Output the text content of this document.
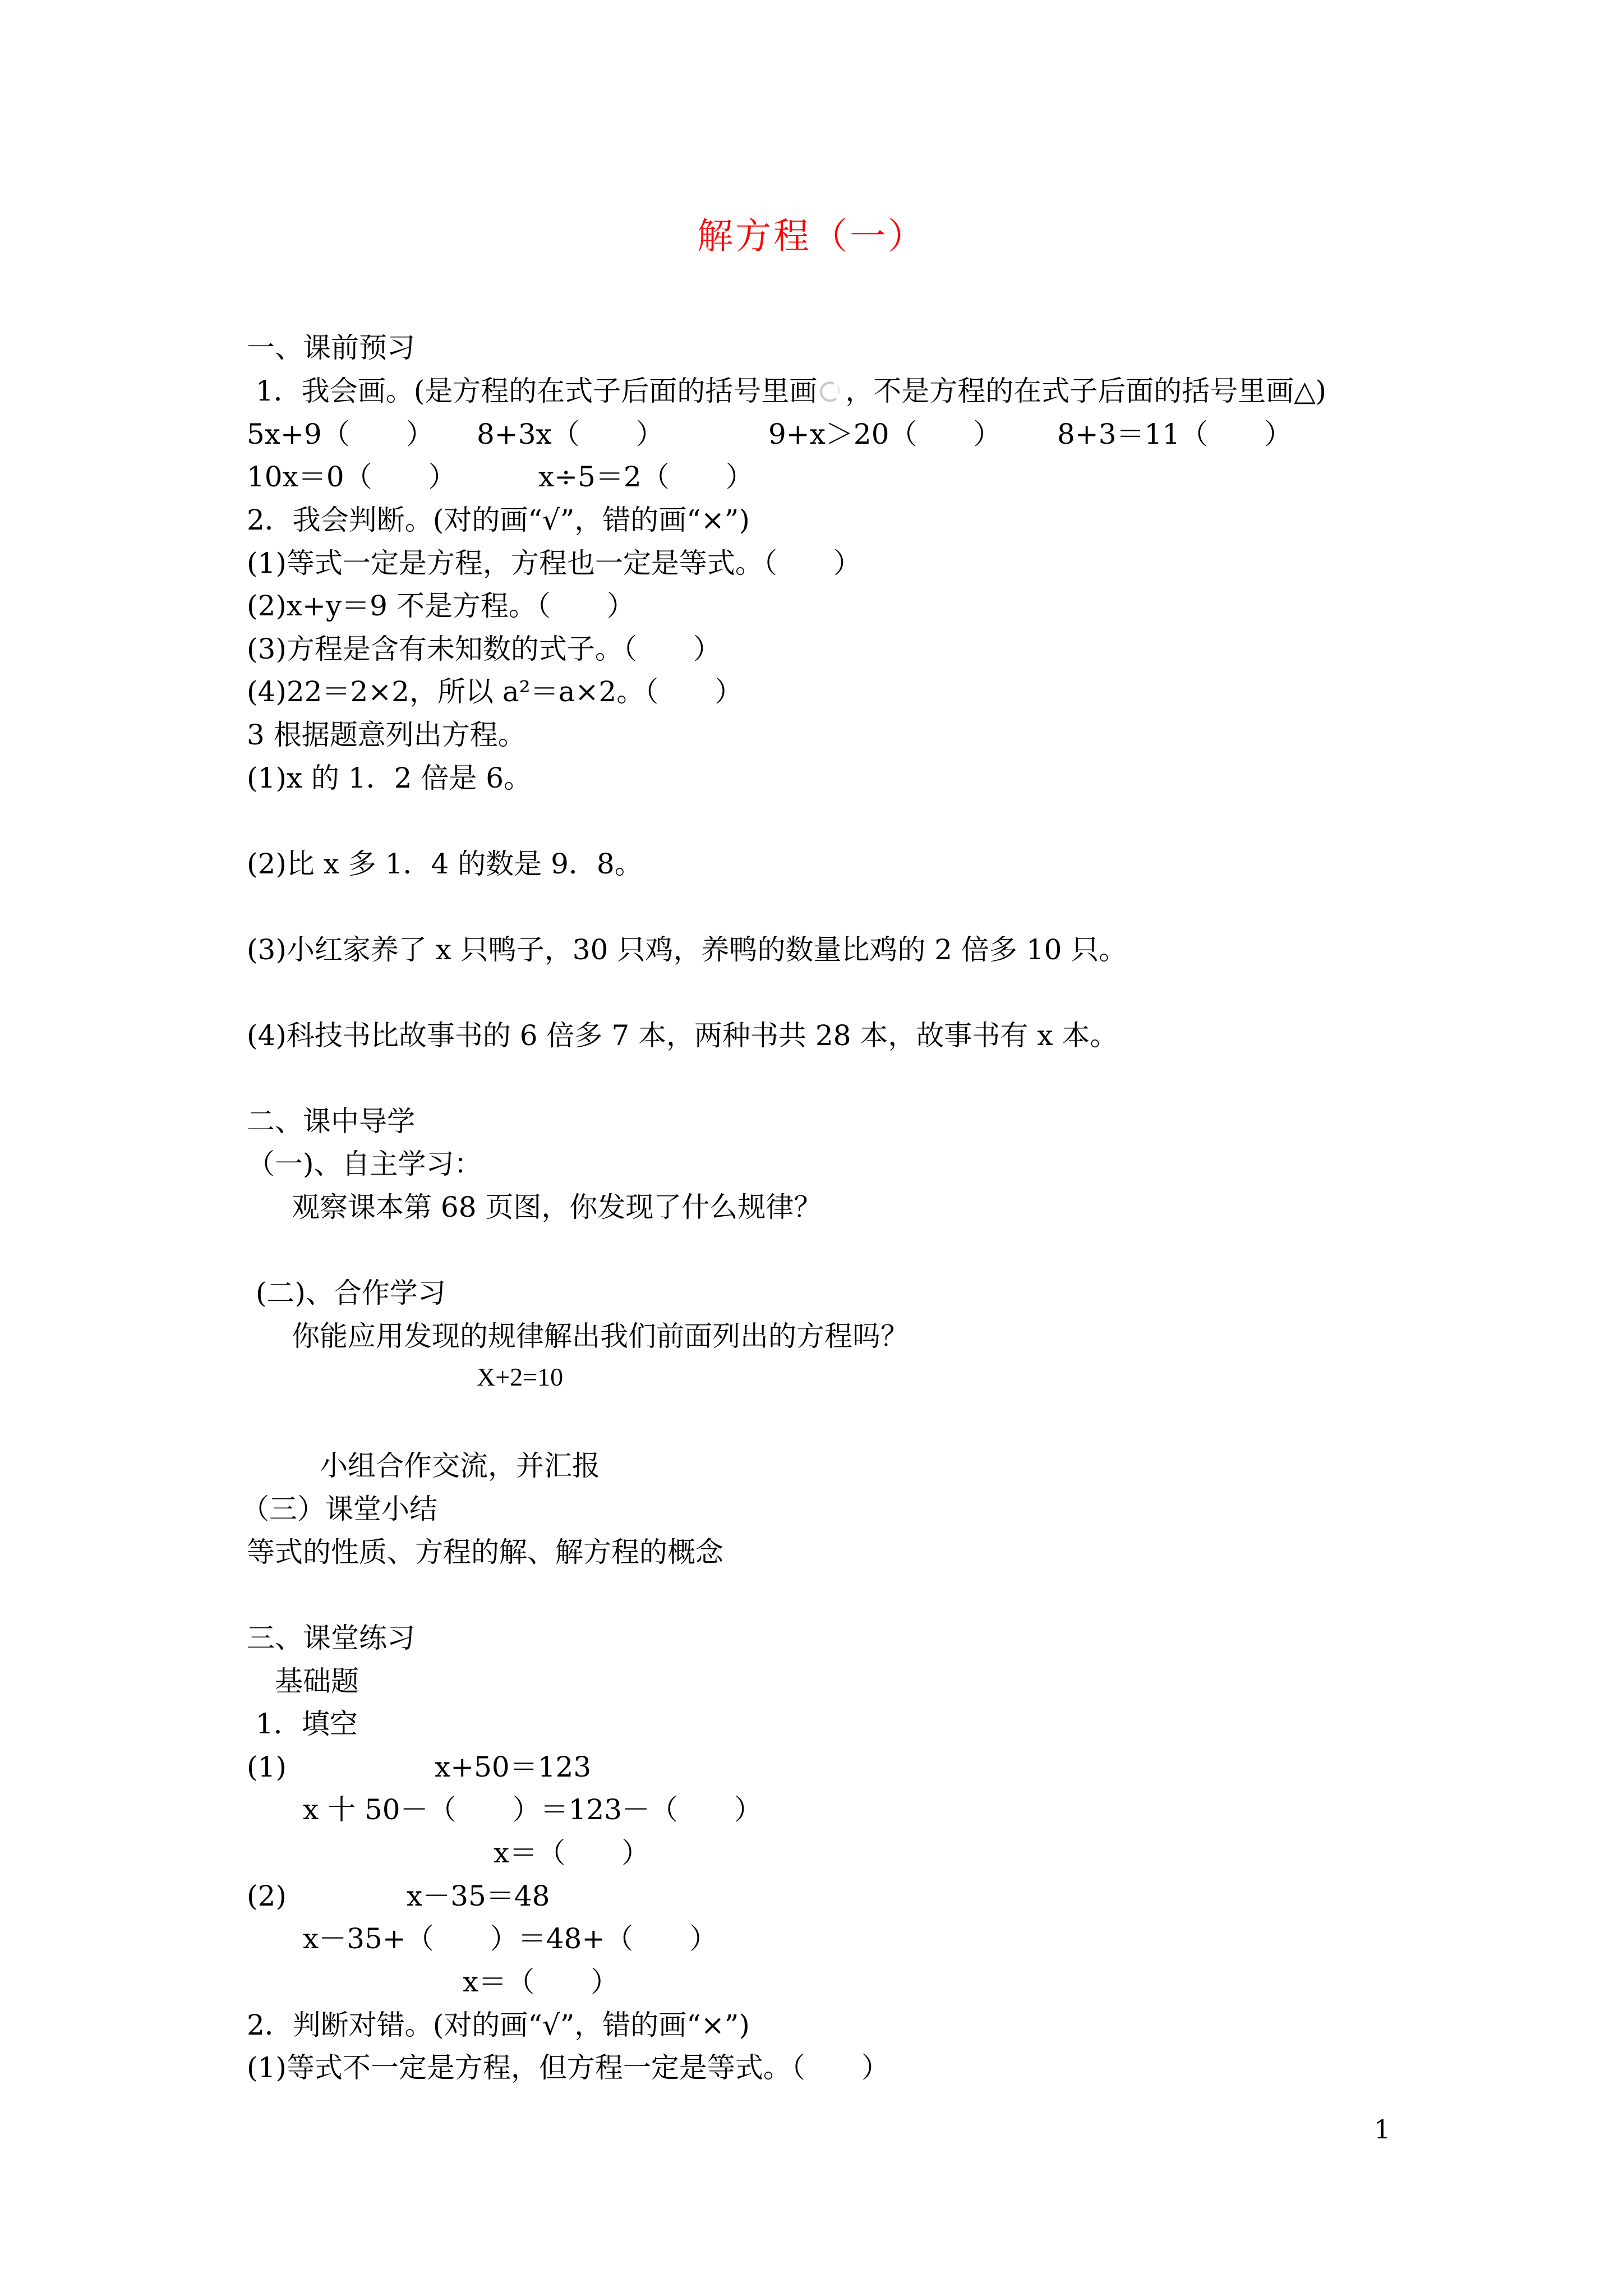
解方程（一）
一、课前预习
1．我会画。(是方程的在式子后面的括号里画 ，不是方程的在式子后面的括号里画△)
5x+9（　　） 8+3x（　　）	9+x＞20（　　） 8+3＝11（　　）
10x＝0（　　）	x÷5＝2（　　）
2．我会判断。(对的画“√”，错的画“×”)
(1)等式一定是方程，方程也一定是等式。（　　）
(2)x+y＝9 不是方程。（　　）
(3)方程是含有未知数的式子。（　　）
(4)22＝2×2，所以 a²＝a×2。（　　）
3 根据题意列出方程。
(1)x 的 1．2 倍是 6。
(2)比 x 多 1．4 的数是 9．8。
(3)小红家养了 x 只鸭子，30 只鸡，养鸭的数量比鸡的 2 倍多 10 只。
(4)科技书比故事书的 6 倍多 7 本，两种书共 28 本，故事书有 x 本。
二、课中导学
（一)、自主学习：
观察课本第 68 页图，你发现了什么规律？
(二)、合作学习
你能应用发现的规律解出我们前面列出的方程吗？
X+2=10
小组合作交流，并汇报
（三）课堂小结
等式的性质、方程的解、解方程的概念
三、课堂练习
基础题
1．填空
(1)	x+50＝123
x 十 50－（　　）＝123－（　　）
x＝（　　）
(2)	x－35＝48
x－35+（　　）＝48+（　　）
x＝（　　）
2．判断对错。(对的画“√”，错的画“×”)
(1)等式不一定是方程，但方程一定是等式。（　　）
1
